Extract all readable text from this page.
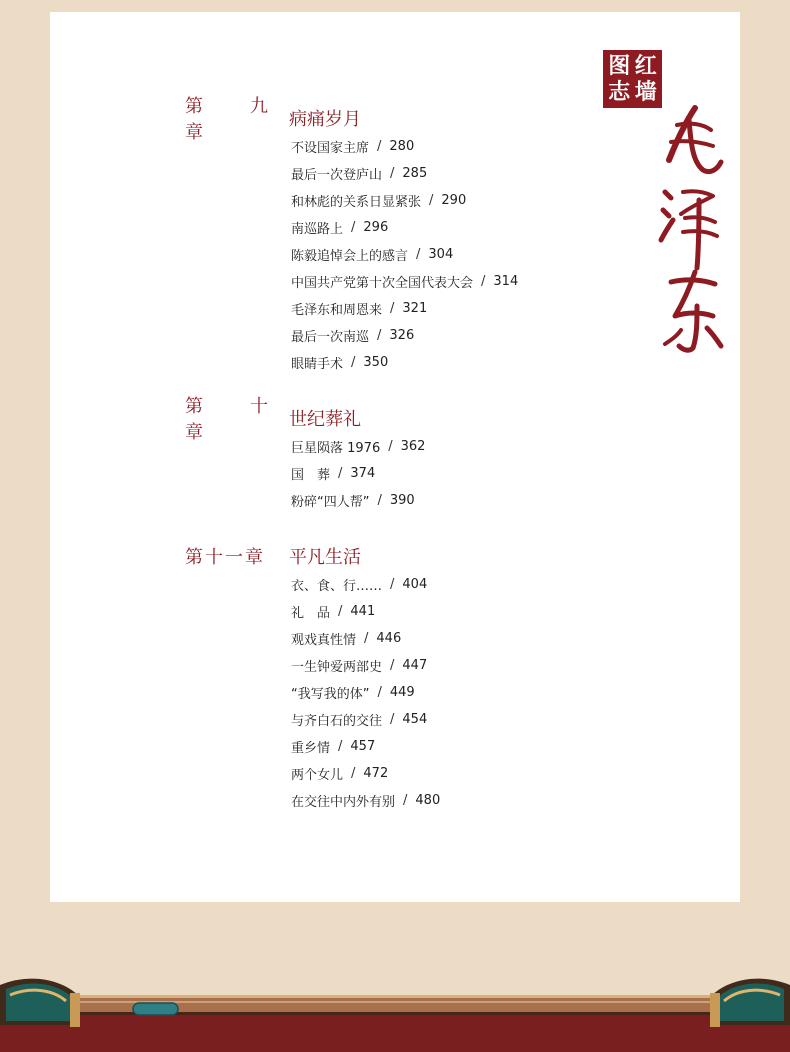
图 红
志 墙
第 九 章
病痛岁月
不设国家主席 / 280
最后一次登庐山 / 285
和林彪的关系日显紧张 / 290
南巡路上 / 296
陈毅追悼会上的感言 / 304
中国共产党第十次全国代表大会 / 314
毛泽东和周恩来 / 321
最后一次南巡 / 326
眼睛手术 / 350
第 十 章
世纪葬礼
巨星陨落 1976 / 362
国　葬 / 374
粉碎“四人帮” / 390
第十一章	平凡生活
衣、食、行…… / 404
礼　品 / 441
观戏真性情 / 446
一生钟爱两部史 / 447
“我写我的体” / 449
与齐白石的交往 / 454
重乡情 / 457
两个女儿 / 472
在交往中内外有别 / 480
